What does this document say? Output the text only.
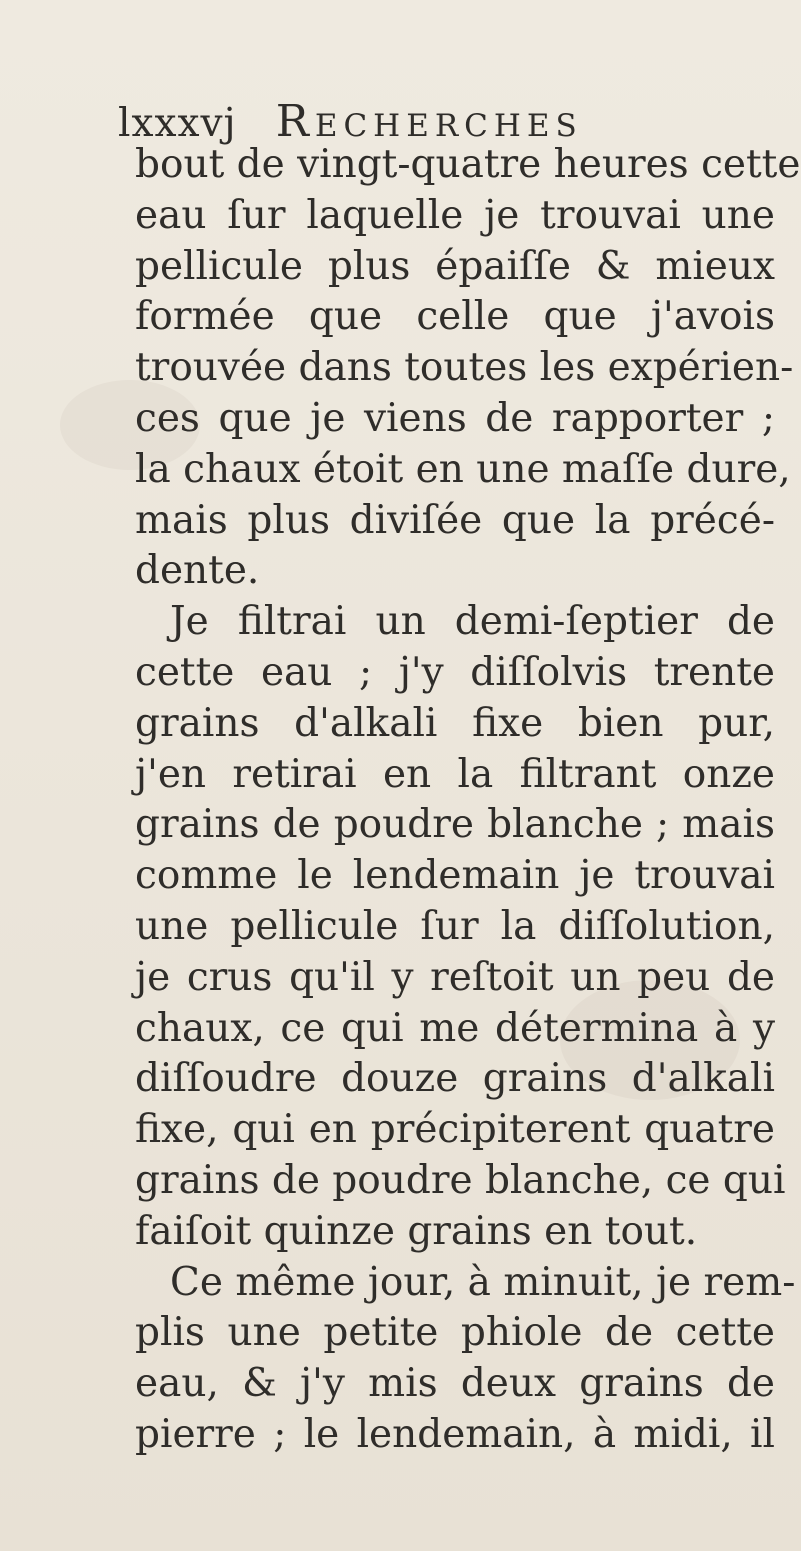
lxxxvj Recherches
bout de vingt-quatre heures cette
eau ſur laquelle je trouvai une
pellicule plus épaiſſe & mieux
formée que celle que j'avois
trouvée dans toutes les expérien-
ces que je viens de rapporter ;
la chaux étoit en une maſſe dure,
mais plus diviſée que la précé-
dente.
Je filtrai un demi-ſeptier de
cette eau ; j'y diſſolvis trente
grains d'alkali fixe bien pur,
j'en retirai en la filtrant onze
grains de poudre blanche ; mais
comme le lendemain je trouvai
une pellicule ſur la diſſolution,
je crus qu'il y reſtoit un peu de
chaux, ce qui me détermina à y
diſſoudre douze grains d'alkali
fixe, qui en précipiterent quatre
grains de poudre blanche, ce qui
faiſoit quinze grains en tout.
Ce même jour, à minuit, je rem-
plis une petite phiole de cette
eau, & j'y mis deux grains de
pierre ; le lendemain, à midi, il
